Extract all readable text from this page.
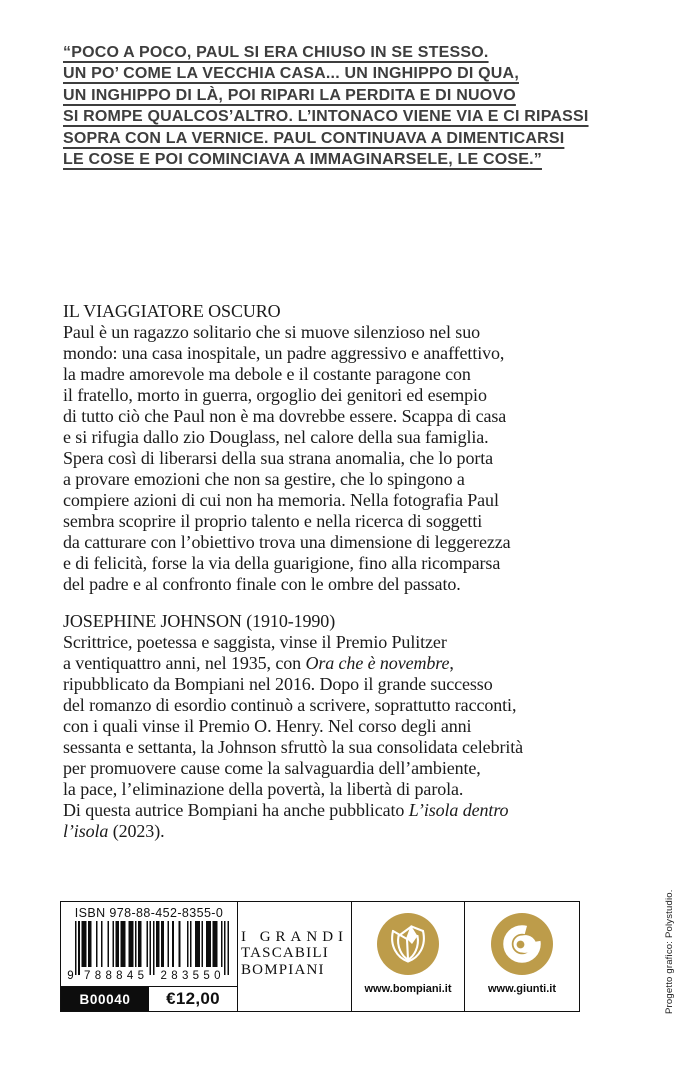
“POCO A POCO, PAUL SI ERA CHIUSO IN SE STESSO.
UN PO’ COME LA VECCHIA CASA... UN INGHIPPO DI QUA,
UN INGHIPPO DI LÀ, POI RIPARI LA PERDITA E DI NUOVO
SI ROMPE QUALCOS’ALTRO. L’INTONACO VIENE VIA E CI RIPASSI
SOPRA CON LA VERNICE. PAUL CONTINUAVA A DIMENTICARSI
LE COSE E POI COMINCIAVA A IMMAGINARSELE, LE COSE.”
IL VIAGGIATORE OSCURO
Paul è un ragazzo solitario che si muove silenzioso nel suo
mondo: una casa inospitale, un padre aggressivo e anaffettivo,
la madre amorevole ma debole e il costante paragone con
il fratello, morto in guerra, orgoglio dei genitori ed esempio
di tutto ciò che Paul non è ma dovrebbe essere. Scappa di casa
e si rifugia dallo zio Douglass, nel calore della sua famiglia.
Spera così di liberarsi della sua strana anomalia, che lo porta
a provare emozioni che non sa gestire, che lo spingono a
compiere azioni di cui non ha memoria. Nella fotografia Paul
sembra scoprire il proprio talento e nella ricerca di soggetti
da catturare con l’obiettivo trova una dimensione di leggerezza
e di felicità, forse la via della guarigione, fino alla ricomparsa
del padre e al confronto finale con le ombre del passato.
JOSEPHINE JOHNSON (1910-1990)
Scrittrice, poetessa e saggista, vinse il Premio Pulitzer
a ventiquattro anni, nel 1935, con Ora che è novembre,
ripubblicato da Bompiani nel 2016. Dopo il grande successo
del romanzo di esordio continuò a scrivere, soprattutto racconti,
con i quali vinse il Premio O. Henry. Nel corso degli anni
sessanta e settanta, la Johnson sfruttò la sua consolidata celebrità
per promuovere cause come la salvaguardia dell’ambiente,
la pace, l’eliminazione della povertà, la libertà di parola.
Di questa autrice Bompiani ha anche pubblicato L’isola dentro
l’isola (2023).
ISBN 978-88-452-8355-0
9 788845 283550
B00040	€12,00
I GRANDI
TASCABILI
BOMPIANI
www.bompiani.it	www.giunti.it	Progetto grafico: Polystudio.
